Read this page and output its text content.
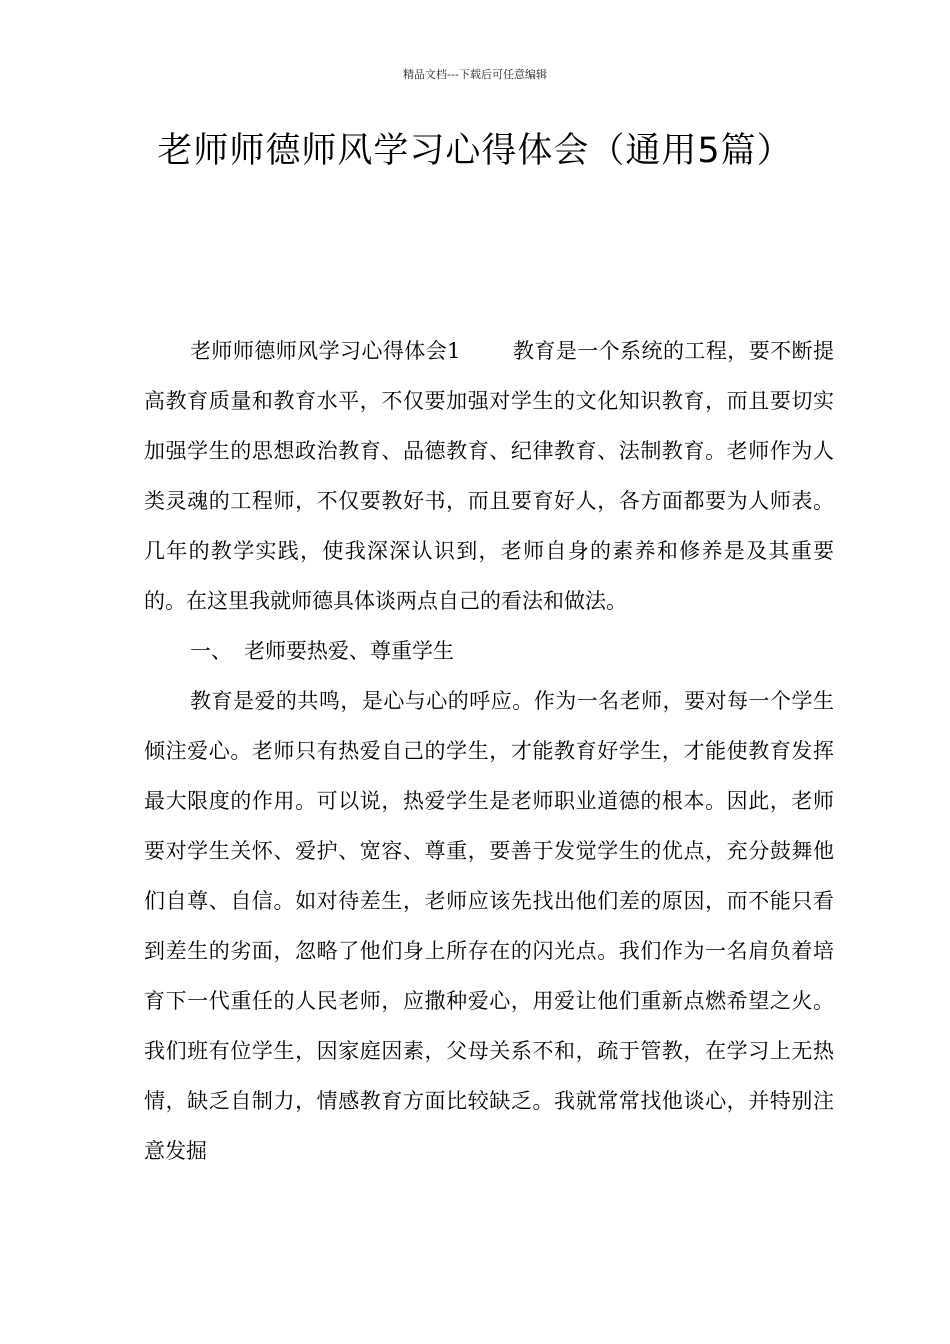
精品文档---下载后可任意编辑
老师师德师风学习心得体会（通用5篇）

老师师德师风学习心得体会1 教育是一个系统的工程，要不断提高教育质量和教育水平，不仅要加强对学生的文化知识教育，而且要切实加强学生的思想政治教育、品德教育、纪律教育、法制教育。老师作为人类灵魂的工程师，不仅要教好书，而且要育好人，各方面都要为人师表。几年的教学实践，使我深深认识到，老师自身的素养和修养是及其重要的。在这里我就师德具体谈两点自己的看法和做法。

一、 老师要热爱、尊重学生

教育是爱的共鸣，是心与心的呼应。作为一名老师，要对每一个学生倾注爱心。老师只有热爱自己的学生，才能教育好学生，才能使教育发挥最大限度的作用。可以说，热爱学生是老师职业道德的根本。因此，老师要对学生关怀、爱护、宽容、尊重，要善于发觉学生的优点，充分鼓舞他们自尊、自信。如对待差生，老师应该先找出他们差的原因，而不能只看到差生的劣面，忽略了他们身上所存在的闪光点。我们作为一名肩负着培育下一代重任的人民老师，应撒种爱心，用爱让他们重新点燃希望之火。我们班有位学生，因家庭因素，父母关系不和，疏于管教，在学习上无热情，缺乏自制力，情感教育方面比较缺乏。我就常常找他谈心，并特别注意发掘
